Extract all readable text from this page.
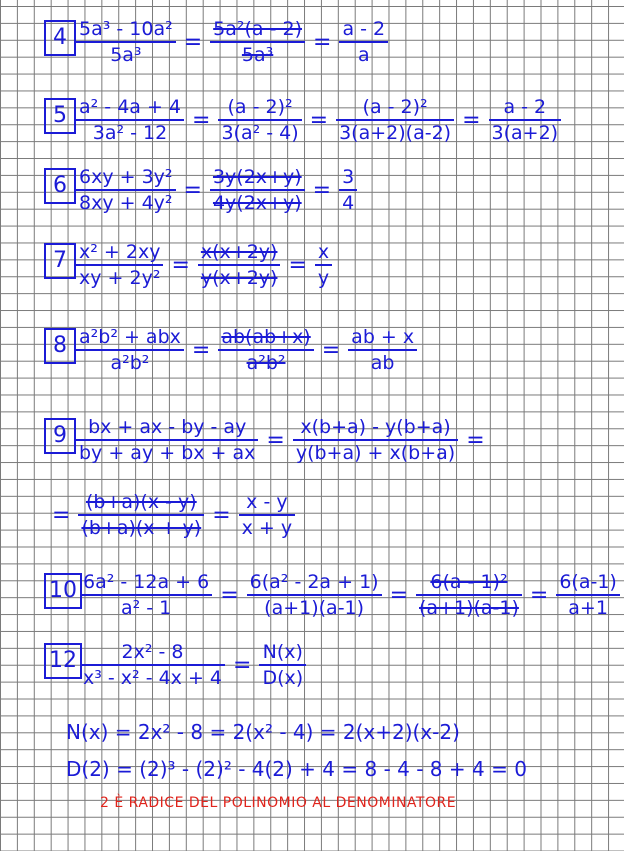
$4 \frac{\text{5a³ - 10a²}}{\text{5a³}} = \frac{\text{5a²(a - 2)}}{\text{5a³}} = \frac{a - 2}{a}$
$5 \frac{\text{a² - 4a + 4}}{\text{3a² - 12}} = \frac{\text{(a - 2)²}}{\text{3(a² - 4)}} = \frac{\text{(a - 2)²}}{3(a+2)(a-2)} = \frac{a - 2}{3(a+2)}$
$6 \frac{\text{6xy + 3y²}}{\text{8xy + 4y²}} = \frac{3y(2x+y)}{4y(2x+y)} = \frac{3}{4}$
$7 \frac{\text{x² + 2xy}}{\text{xy + 2y²}} = \frac{x(x+2y)}{y(x+2y)} = \frac{x}{y}$
$8 \frac{\text{a²b² + abx}}{\text{a²b²}} = \frac{ab(ab+x)}{\text{a²b²}} = \frac{ab + x}{ab}$
$9 \frac{bx + ax - by - ay}{by + ay + bx + ax} = \frac{x(b+a) - y(b+a)}{y(b+a) + x(b+a)}$ =
= $\frac{(b+a)(x - y)}{(b+a)(x + y)} = \frac{x - y}{x + y}$
$10 \frac{\text{6a² - 12a + 6}}{\text{a² - 1}} = \frac{\text{6(a² - 2a + 1)}}{(a+1)(a-1)} = \frac{\text{6(a - 1)²}}{(a+1)(a-1)} = \frac{6(a-1)}{a+1}$
$12 \frac{\text{2x² - 8}}{\text{x³ - x² - 4x + 4}} = \frac{N(x)}{D(x)}$
N(x) = 2x² - 8 = 2(x² - 4) = 2(x+2)(x-2)
D(2) = (2)³ - (2)² - 4(2) + 4 = 8 - 4 - 8 + 4 = 0
2 È RADICE DEL POLINOMIO AL DENOMINATORE
